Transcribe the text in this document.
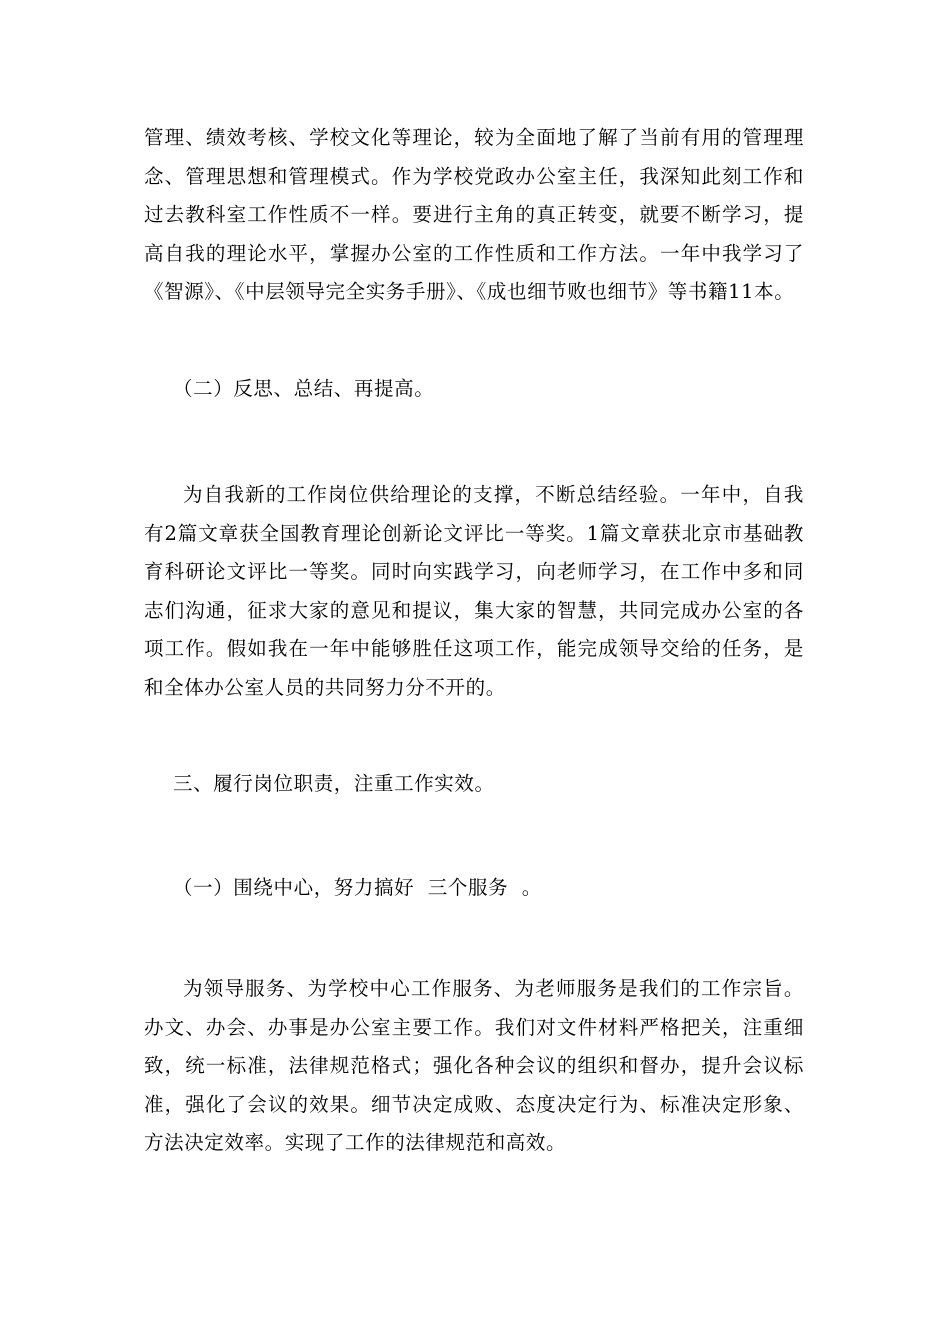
管理、绩效考核、学校文化等理论，较为全面地了解了当前有用的管理理念、管理思想和管理模式。作为学校党政办公室主任，我深知此刻工作和过去教科室工作性质不一样。要进行主角的真正转变，就要不断学习，提高自我的理论水平，掌握办公室的工作性质和工作方法。一年中我学习了《智源》、《中层领导完全实务手册》、《成也细节败也细节》等书籍11本。
（二）反思、总结、再提高。
为自我新的工作岗位供给理论的支撑，不断总结经验。一年中，自我有2篇文章获全国教育理论创新论文评比一等奖。1篇文章获北京市基础教育科研论文评比一等奖。同时向实践学习，向老师学习，在工作中多和同志们沟通，征求大家的意见和提议，集大家的智慧，共同完成办公室的各项工作。假如我在一年中能够胜任这项工作，能完成领导交给的任务，是和全体办公室人员的共同努力分不开的。
三、履行岗位职责，注重工作实效。
（一）围绕中心，努力搞好  三个服务  。
为领导服务、为学校中心工作服务、为老师服务是我们的工作宗旨。办文、办会、办事是办公室主要工作。我们对文件材料严格把关，注重细致，统一标准，法律规范格式；强化各种会议的组织和督办，提升会议标准，强化了会议的效果。细节决定成败、态度决定行为、标准决定形象、方法决定效率。实现了工作的法律规范和高效。
